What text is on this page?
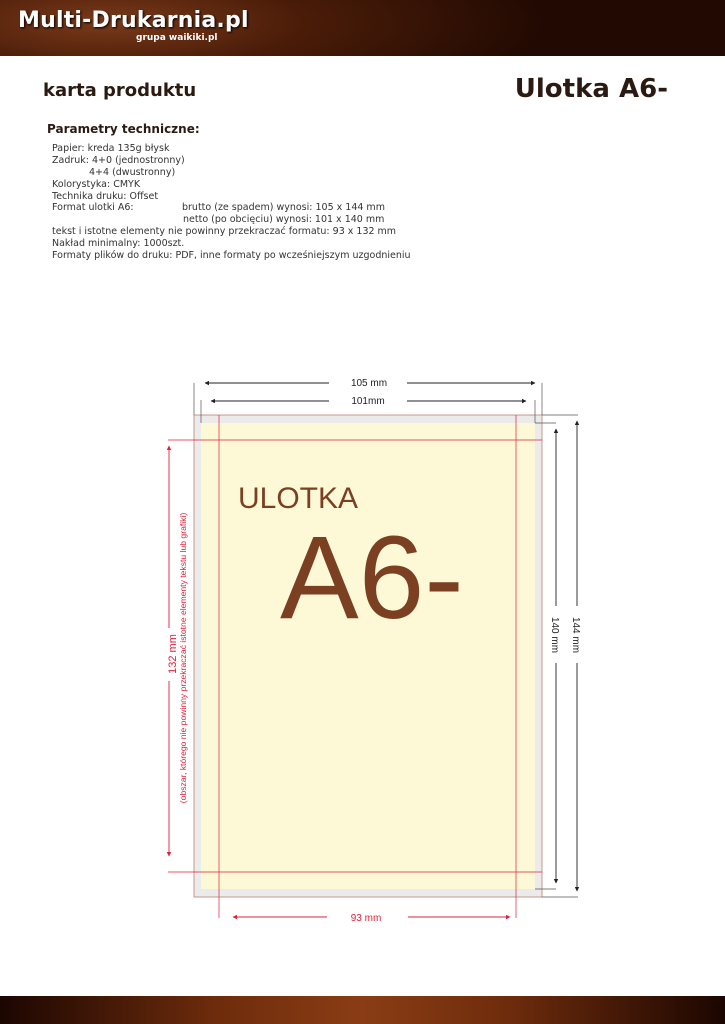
Multi-Drukarnia.pl
grupa waikiki.pl
karta produktu	Ulotka A6-
Parametry techniczne:
Papier: kreda 135g błysk
Zadruk: 4+0 (jednostronny)
4+4 (dwustronny)
Kolorystyka: CMYK
Technika druku: Offset
Format ulotki A6:	brutto (ze spadem) wynosi: 105 x 144 mm
netto (po obcięciu) wynosi: 101 x 140 mm
tekst i istotne elementy nie powinny przekraczać formatu: 93 x 132 mm
Nakład minimalny: 1000szt.
Formaty plików do druku: PDF, inne formaty po wcześniejszym uzgodnieniu
105 mm
101mm
140 mm 144 mm
132 mm (obszar, którego nie powinny przekraczać istotne elementy tekstu lub grafiki)
93 mm
ULOTKA
A6-
